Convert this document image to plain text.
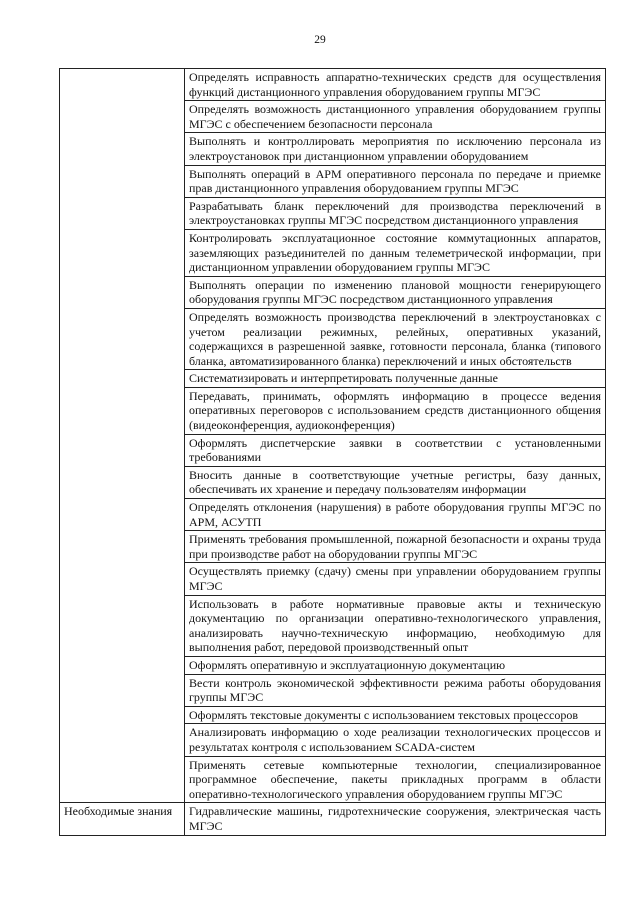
29

	Определять исправность аппаратно-технических средств для осуществления функций дистанционного управления оборудованием группы МГЭС

	Определять возможность дистанционного управления оборудованием группы МГЭС с обеспечением безопасности персонала

	Выполнять и контроллировать мероприятия по исключению персонала из электроустановок при дистанционном управлении оборудованием

	Выполнять операций в АРМ оперативного персонала по передаче и приемке прав дистанционного управления оборудованием группы МГЭС

	Разрабатывать бланк переключений для производства переключений в электроустановках группы МГЭС посредством дистанционного управления

	Контролировать эксплуатационное состояние коммутационных аппаратов, заземляющих разъединителей по данным телеметрической информации, при дистанционном управлении оборудованием группы МГЭС

	Выполнять операции по изменению плановой мощности генерирующего оборудования группы МГЭС посредством дистанционного управления

	Определять возможность производства переключений в электроустановках с учетом реализации режимных, релейных, оперативных указаний, содержащихся в разрешенной заявке, готовности персонала, бланка (типового бланка, автоматизированного бланка) переключений и иных обстоятельств

	Систематизировать и интерпретировать полученные данные

	Передавать, принимать, оформлять информацию в процессе ведения оперативных переговоров с использованием средств дистанционного общения (видеоконференция, аудиоконференция)

	Оформлять диспетчерские заявки в соответствии с установленными требованиями

	Вносить данные в соответствующие учетные регистры, базу данных, обеспечивать их хранение и передачу пользователям информации

	Определять отклонения (нарушения) в работе оборудования группы МГЭС по АРМ, АСУТП

	Применять требования промышленной, пожарной безопасности и охраны труда при производстве работ на оборудовании группы МГЭС

	Осуществлять приемку (сдачу) смены при управлении оборудованием группы МГЭС

	Использовать в работе нормативные правовые акты и техническую документацию по организации оперативно-технологического управления, анализировать научно-техническую информацию, необходимую для выполнения работ, передовой производственный опыт

	Оформлять оперативную и эксплуатационную документацию

	Вести контроль экономической эффективности режима работы оборудования группы МГЭС

	Оформлять текстовые документы с использованием текстовых процессоров

	Анализировать информацию о ходе реализации технологических процессов и результатах контроля с использованием SCADA-систем

	Применять сетевые компьютерные технологии, специализированное программное обеспечение, пакеты прикладных программ в области оперативно-технологического управления оборудованием группы МГЭС

Необходимые знания	Гидравлические машины, гидротехнические сооружения, электрическая часть МГЭС
